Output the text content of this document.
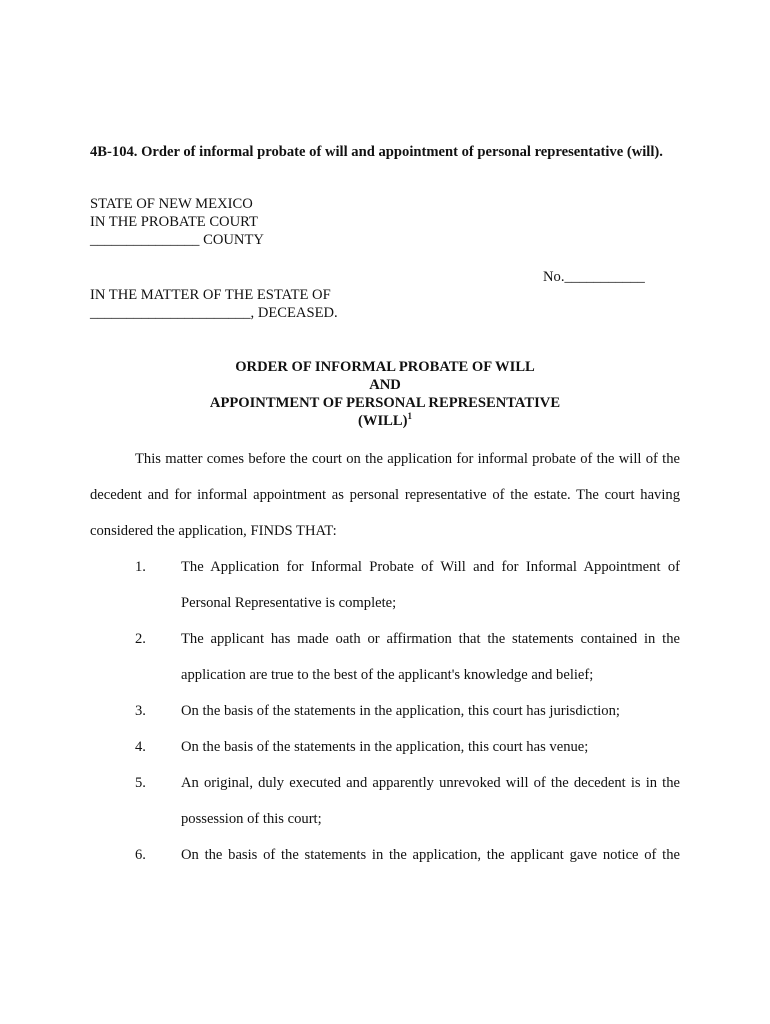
4B-104. Order of informal probate of will and appointment of personal representative (will).
STATE OF NEW MEXICO
IN THE PROBATE COURT
_______________ COUNTY
No.___________
IN THE MATTER OF THE ESTATE OF
______________________, DECEASED.
ORDER OF INFORMAL PROBATE OF WILL
AND
APPOINTMENT OF PERSONAL REPRESENTATIVE
(WILL)$^1$
This matter comes before the court on the application for informal probate of the will of the
decedent and for informal appointment as personal representative of the estate. The court having
considered the application, FINDS THAT:
1. The Application for Informal Probate of Will and for Informal Appointment of
Personal Representative is complete;
2. The applicant has made oath or affirmation that the statements contained in the
application are true to the best of the applicant's knowledge and belief;
3. On the basis of the statements in the application, this court has jurisdiction;
4. On the basis of the statements in the application, this court has venue;
5. An original, duly executed and apparently unrevoked will of the decedent is in the
possession of this court;
6. On the basis of the statements in the application, the applicant gave notice of the
